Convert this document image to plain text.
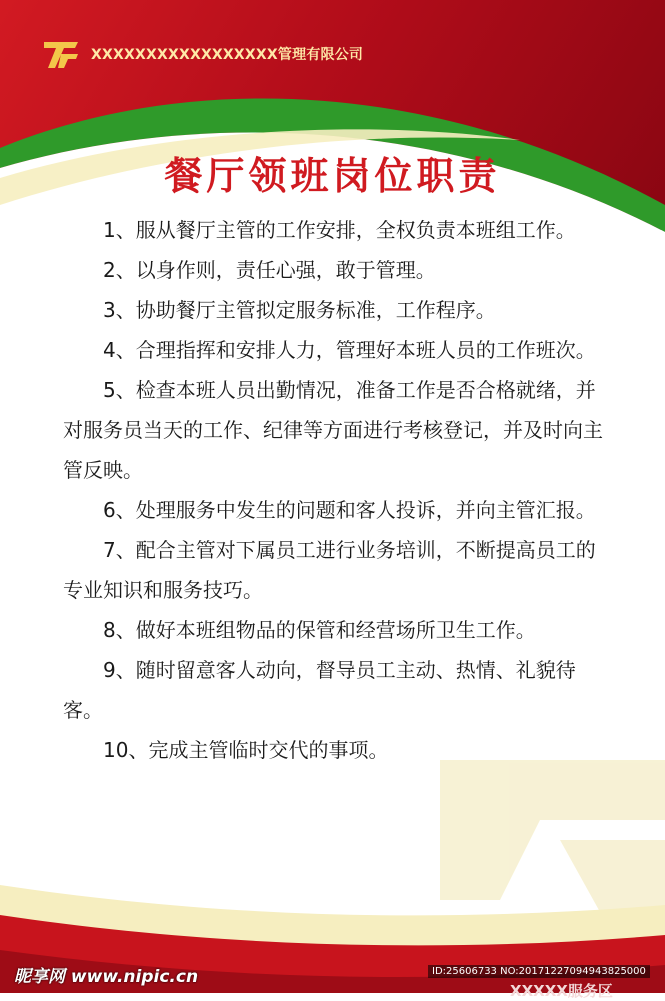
XXXXXXXXXXXXXXXXX管理有限公司
餐厅领班岗位职责

1、服从餐厅主管的工作安排，全权负责本班组工作。

2、以身作则，责任心强，敢于管理。

3、协助餐厅主管拟定服务标准，工作程序。

4、合理指挥和安排人力，管理好本班人员的工作班次。

5、检查本班人员出勤情况，准备工作是否合格就绪，并对服务员当天的工作、纪律等方面进行考核登记，并及时向主管反映。

6、处理服务中发生的问题和客人投诉，并向主管汇报。

7、配合主管对下属员工进行业务培训，不断提高员工的专业知识和服务技巧。

8、做好本班组物品的保管和经营场所卫生工作。

9、随时留意客人动向，督导员工主动、热情、礼貌待客。

10、完成主管临时交代的事项。

昵享网 www.nipic.cn	ID:25606733 NO:20171227094943825000
XXXXX服务区
